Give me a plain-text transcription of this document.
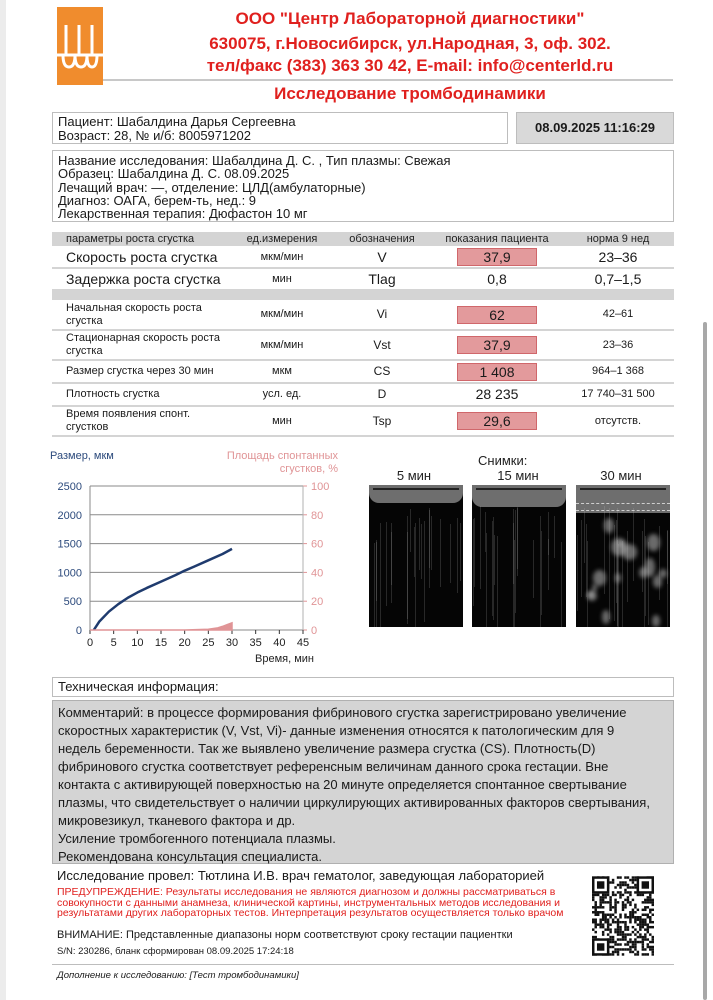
ООО "Центр Лабораторной диагностики"
630075, г.Новосибирск, ул.Народная, 3, оф. 302.
тел/факс (383) 363 30 42, E-mail: info@centerld.ru
Исследование тромбодинамики
Пациент: Шабалдина Дарья Сергеевна
Возраст: 28, № и/б: 8005971202
08.09.2025 11:16:29
Название исследования: Шабалдина Д. С. , Тип плазмы: Свежая
Образец: Шабалдина Д. С. 08.09.2025
Лечащий врач: —, отделение: ЦЛД(амбулаторные)
Диагноз: ОАГА, берем-ть, нед.: 9
Лекарственная терапия: Дюфастон 10 мг
параметры роста сгустка	ед.измерения	обозначения	показания пациента	норма 9 нед
Скорость роста сгустка	мкм/мин	V	37,9	23–36
Задержка роста сгустка	мин	Tlag	0,8	0,7–1,5

Начальная скорость роста сгустка	мкм/мин	Vi	62	42–61
Стационарная скорость роста сгустка	мкм/мин	Vst	37,9	23–36
Размер сгустка через 30 мин	мкм	CS	1 408	964–1 368
Плотность сгустка	усл. ед.	D	28 235	17 740–31 500
Время появления спонт. сгустков	мин	Tsp	29,6	отсутств.
Размер, мкм	Площадь спонтанных сгустков, %
0
500
1000
1500
2000
2500
0
20
40
60
80
100
0 5 10 15 20 25 30 35 40 45
Время, мин
Снимки:
5 мин	15 мин	30 мин
Техническая информация:
Комментарий: в процессе формирования фибринового сгустка зарегистрировано увеличение
скоростных характеристик (V, Vst, Vi)- данные изменения относятся к патологическим для 9
недель беременности. Так же выявлено увеличение размера сгустка (CS). Плотность(D)
фибринового сгустка соответствует референсным величинам данного срока гестации. Вне
контакта с активирующей поверхностью на 20 минуте определяется спонтанное свертывание
плазмы, что свидетельствует о наличии циркулирующих активированных факторов свертывания,
микровезикул, тканевого фактора и др.
Усиление тромбогенного потенциала плазмы.
Рекомендована консультация специалиста.
Исследование провел: Тютлина И.В. врач гематолог, заведующая лабораторией
ПРЕДУПРЕЖДЕНИЕ: Результаты исследования не являются диагнозом и должны рассматриваться в совокупности с данными анамнеза, клинической картины, инструментальных методов исследования и результатами других лабораторных тестов. Интерпретация результатов осуществляется только врачом
ВНИМАНИЕ: Представленные диапазоны норм соответствуют сроку гестации пациентки
S/N: 230286, бланк сформирован 08.09.2025 17:24:18
Дополнение к исследованию: [Тест тромбодинамики]
